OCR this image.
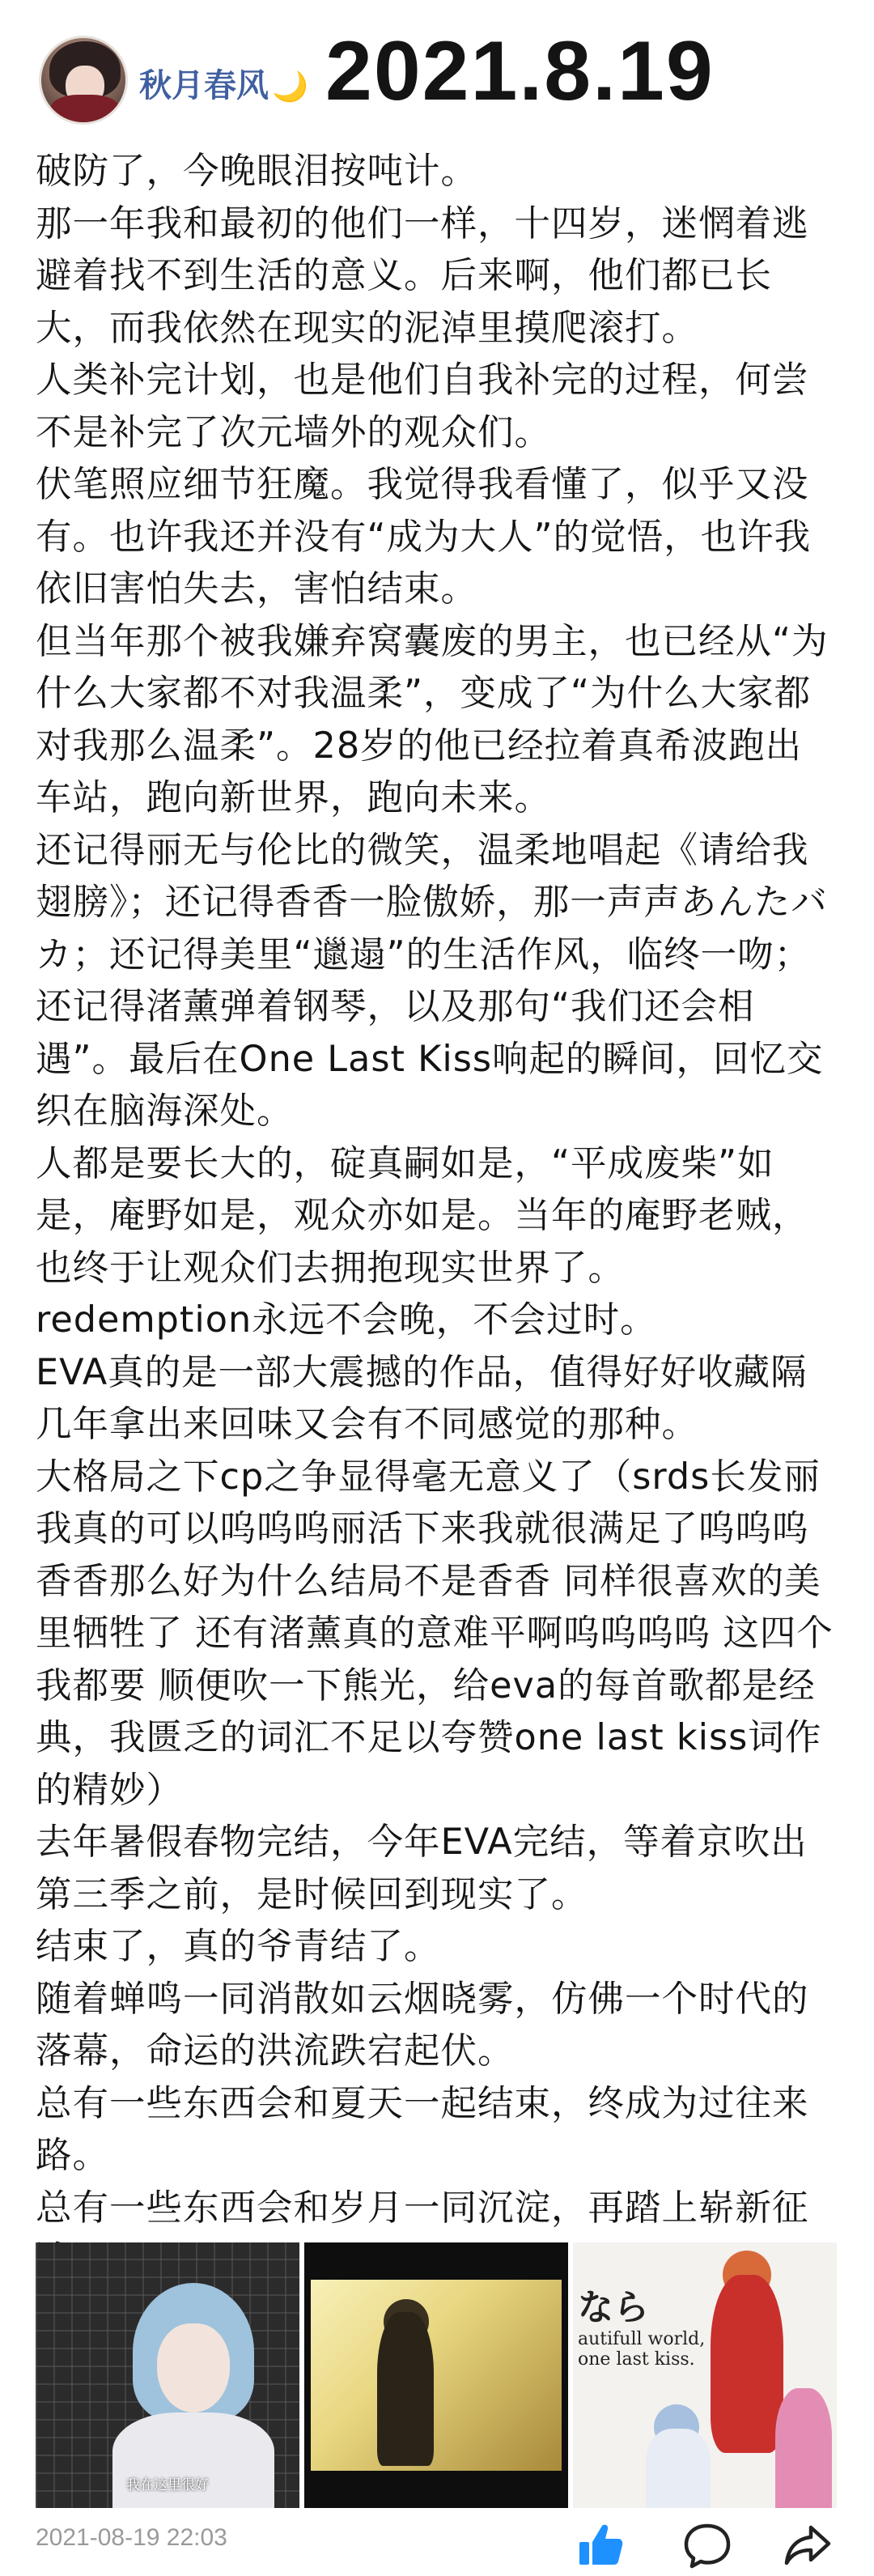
秋月春风 🌙 2021.8.19

破防了，今晚眼泪按吨计。

那一年我和最初的他们一样，十四岁，迷惘着逃避着找不到生活的意义。后来啊，他们都已长大，而我依然在现实的泥淖里摸爬滚打。

人类补完计划，也是他们自我补完的过程，何尝不是补完了次元墙外的观众们。

伏笔照应细节狂魔。我觉得我看懂了，似乎又没有。也许我还并没有“成为大人”的觉悟，也许我依旧害怕失去，害怕结束。

但当年那个被我嫌弃窝囊废的男主，也已经从“为什么大家都不对我温柔”，变成了“为什么大家都对我那么温柔”。28岁的他已经拉着真希波跑出车站，跑向新世界，跑向未来。

还记得丽无与伦比的微笑，温柔地唱起《请给我翅膀》；还记得香香一脸傲娇，那一声声あんたバカ；还记得美里“邋遢”的生活作风，临终一吻；还记得渚薰弹着钢琴，以及那句“我们还会相遇”。最后在One Last Kiss响起的瞬间，回忆交织在脑海深处。

人都是要长大的，碇真嗣如是，“平成废柴”如是，庵野如是，观众亦如是。当年的庵野老贼，也终于让观众们去拥抱现实世界了。

redemption永远不会晚，不会过时。

EVA真的是一部大震撼的作品，值得好好收藏隔几年拿出来回味又会有不同感觉的那种。

大格局之下cp之争显得毫无意义了（srds长发丽我真的可以呜呜呜丽活下来我就很满足了呜呜呜香香那么好为什么结局不是香香 同样很喜欢的美里牺牲了 还有渚薰真的意难平啊呜呜呜呜 这四个我都要 顺便吹一下熊光，给eva的每首歌都是经典，我匮乏的词汇不足以夸赞one last kiss词作的精妙）

去年暑假春物完结，今年EVA完结，等着京吹出第三季之前，是时候回到现实了。

结束了，真的爷青结了。

随着蝉鸣一同消散如云烟晓雾，仿佛一个时代的落幕，命运的洪流跌宕起伏。

总有一些东西会和夏天一起结束，终成为过往来路。

总有一些东西会和岁月一同沉淀，再踏上崭新征

我在这里很好
なら
autifull world,
one last kiss.
2021-08-19 22:03
